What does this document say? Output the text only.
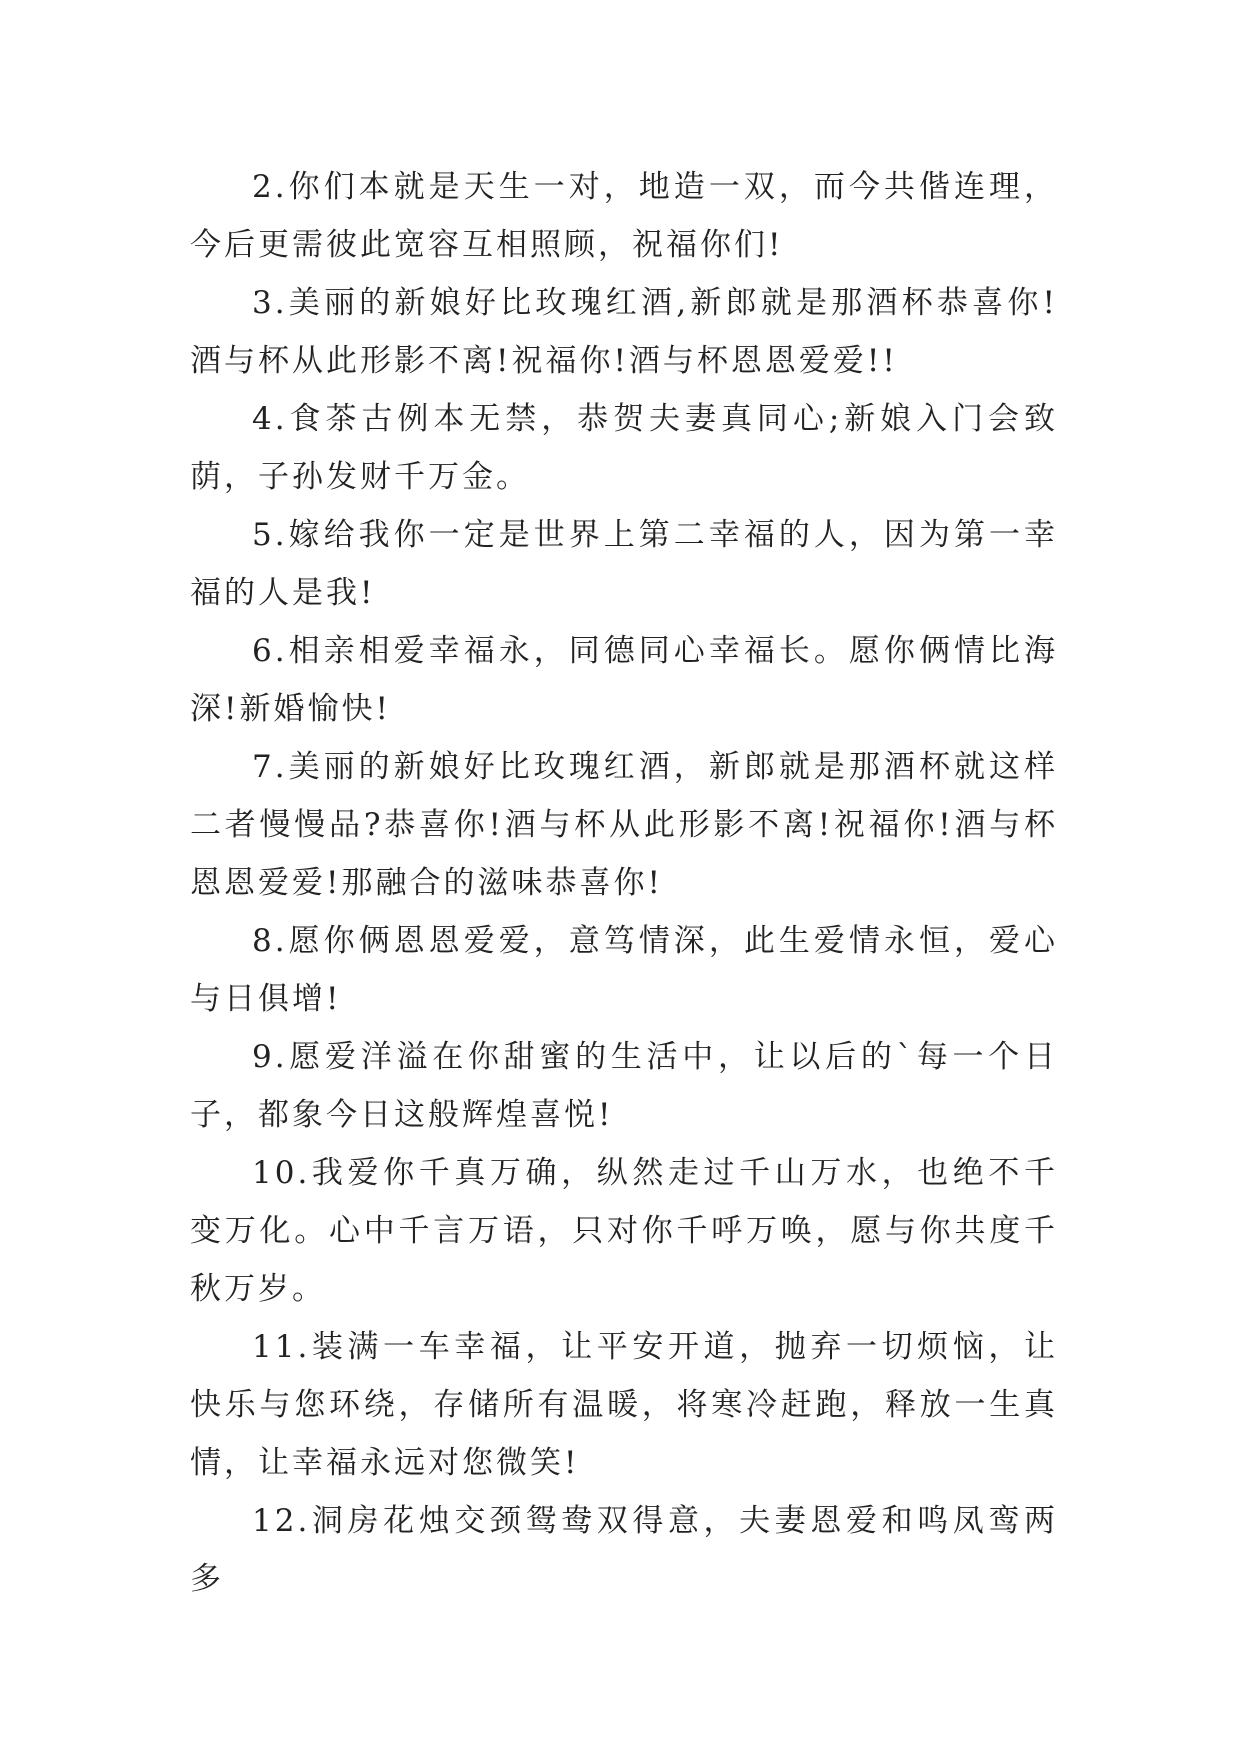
2.你们本就是天生一对，地造一双，而今共偕连理，今后更需彼此宽容互相照顾，祝福你们!

3.美丽的新娘好比玫瑰红酒,新郎就是那酒杯恭喜你!酒与杯从此形影不离!祝福你!酒与杯恩恩爱爱!!

4.食茶古例本无禁，恭贺夫妻真同心;新娘入门会致荫，子孙发财千万金。

5.嫁给我你一定是世界上第二幸福的人，因为第一幸福的人是我!

6.相亲相爱幸福永，同德同心幸福长。愿你俩情比海深!新婚愉快!

7.美丽的新娘好比玫瑰红酒，新郎就是那酒杯就这样二者慢慢品?恭喜你!酒与杯从此形影不离!祝福你!酒与杯恩恩爱爱!那融合的滋味恭喜你!

8.愿你俩恩恩爱爱，意笃情深，此生爱情永恒，爱心与日俱增!

9.愿爱洋溢在你甜蜜的生活中，让以后的`每一个日子，都象今日这般辉煌喜悦!

10.我爱你千真万确，纵然走过千山万水，也绝不千变万化。心中千言万语，只对你千呼万唤，愿与你共度千秋万岁。

11.装满一车幸福，让平安开道，抛弃一切烦恼，让快乐与您环绕，存储所有温暖，将寒冷赶跑，释放一生真情，让幸福永远对您微笑!

12.洞房花烛交颈鸳鸯双得意，夫妻恩爱和鸣凤鸾两多
